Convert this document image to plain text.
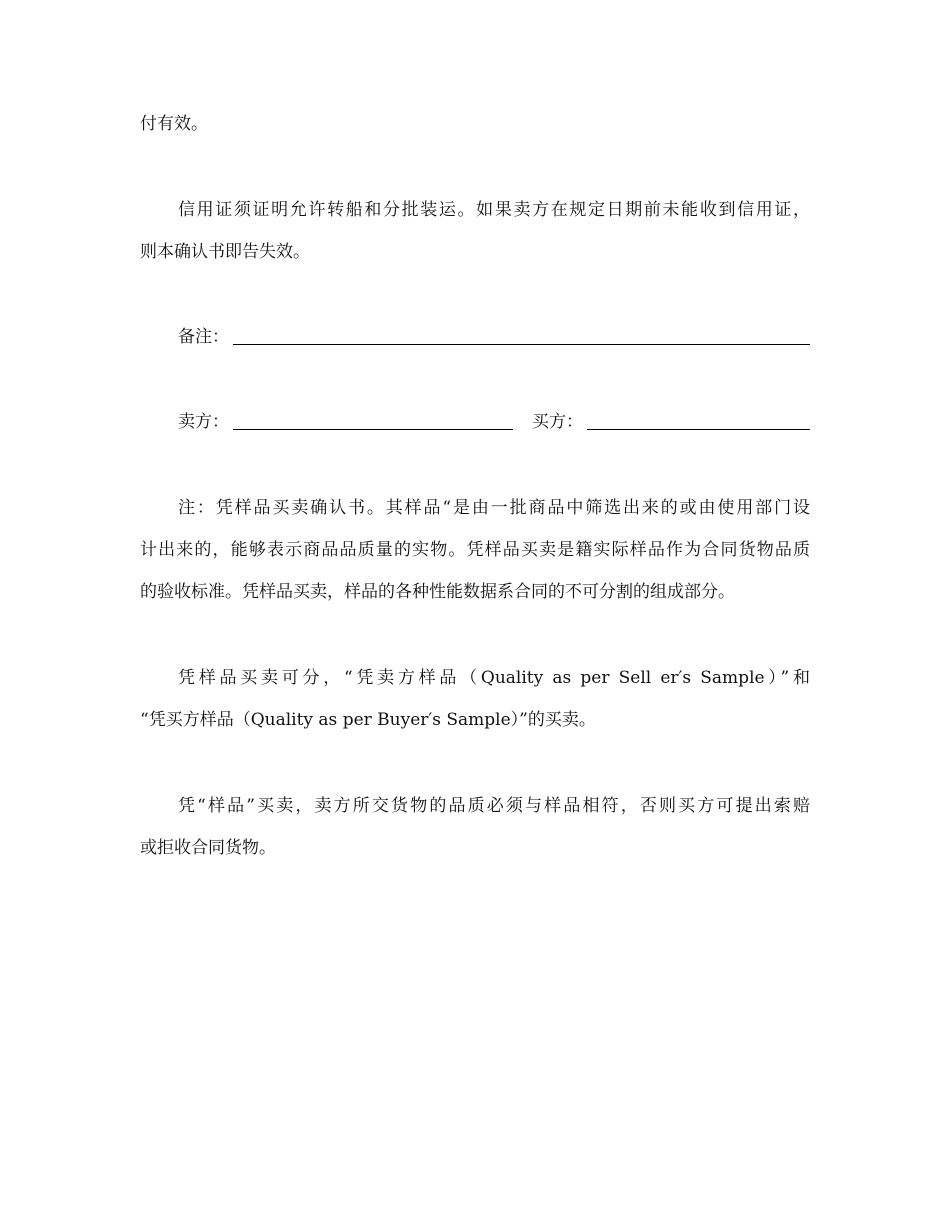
付有效。
信用证须证明允许转船和分批装运。如果卖方在规定日期前未能收到信用证，
则本确认书即告失效。
备注：
卖方：	买方：
注：凭样品买卖确认书。其样品“是由一批商品中筛选出来的或由使用部门设
计出来的，能够表示商品品质量的实物。凭样品买卖是籍实际样品作为合同货物品质
的验收标准。凭样品买卖，样品的各种性能数据系合同的不可分割的组成部分。
凭样品买卖可分，“凭卖方样品（Quality as per Sell er′s Sample）”和
“凭买方样品（Quality as per Buyer′s Sample）”的买卖。
凭“样品”买卖，卖方所交货物的品质必须与样品相符，否则买方可提出索赔
或拒收合同货物。
